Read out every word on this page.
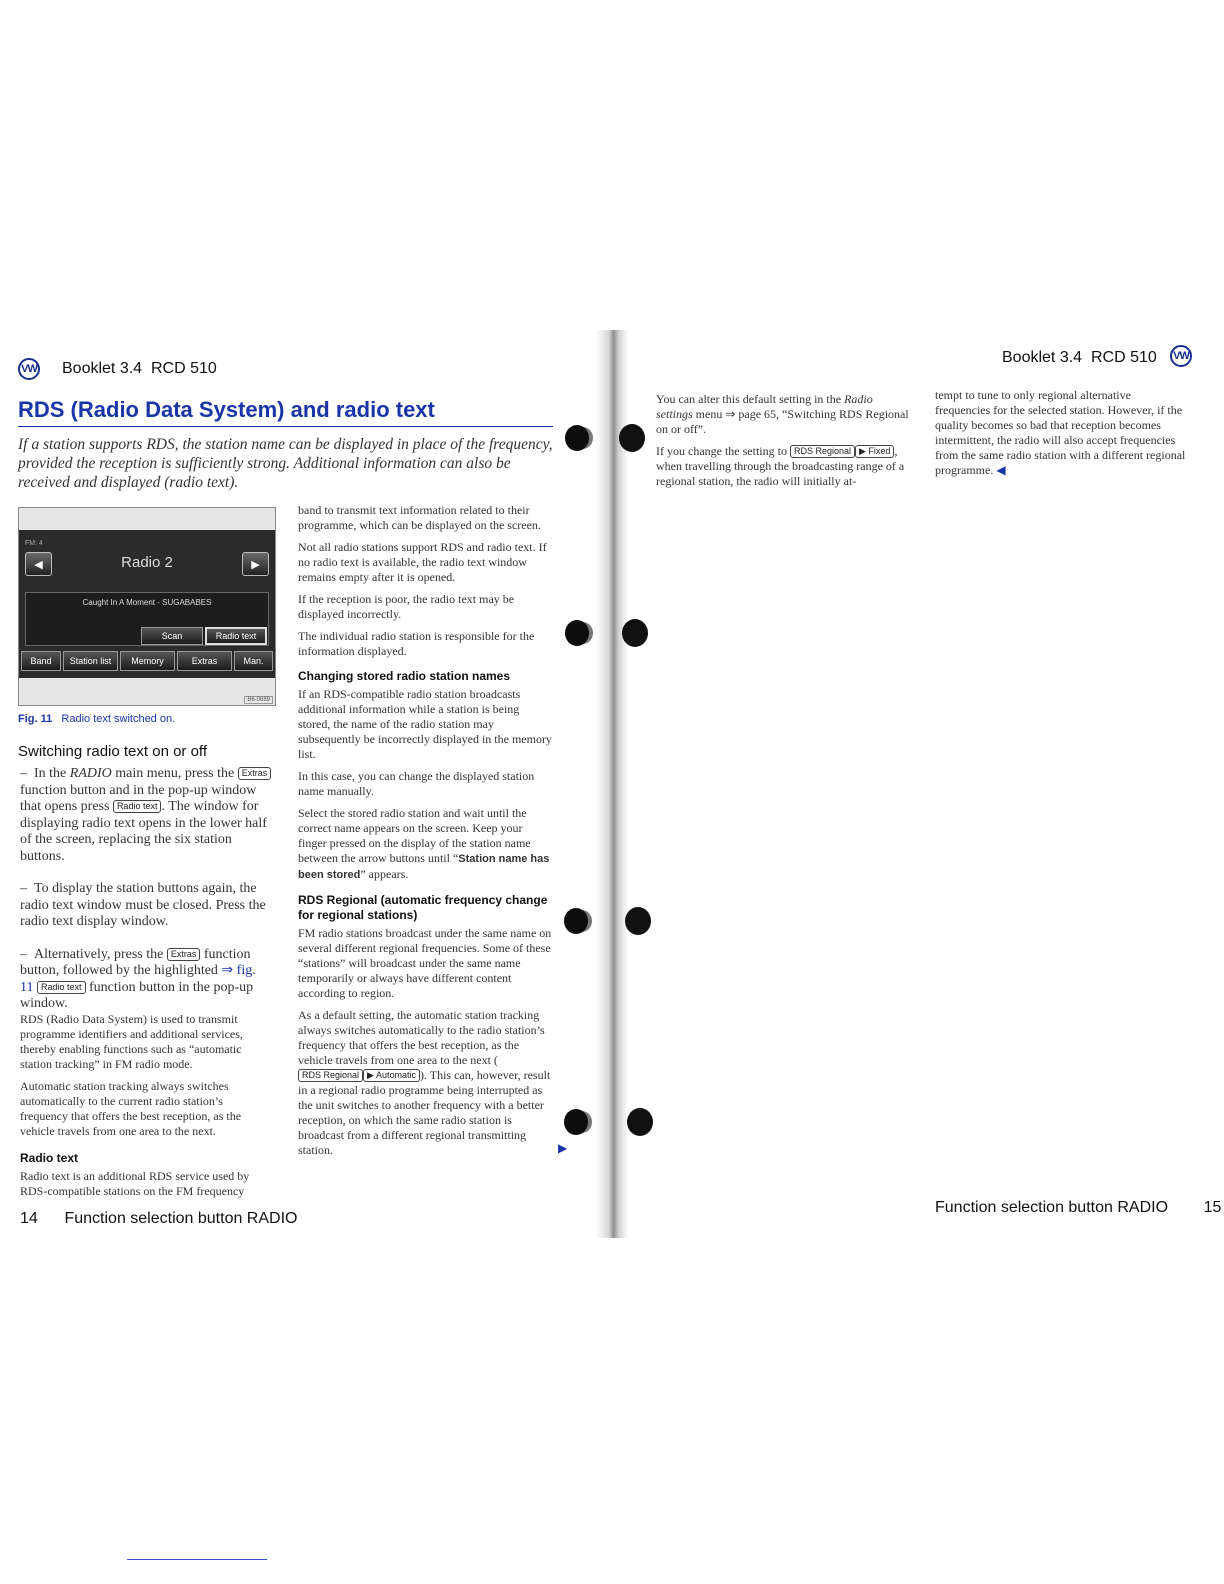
VW Booklet 3.4 RCD 510
RDS (Radio Data System) and radio text
If a station supports RDS, the station name can be displayed in place of the frequency, provided the reception is sufficiently strong. Additional information can also be received and displayed (radio text).
FM: 4
◀	Radio 2	▶
Caught In A Moment - SUGABABES
Scan	Radio text
Band	Station list	Memory	Extras	Man.
B6-0689
Fig. 11 Radio text switched on.
Switching radio text on or off

– In the RADIO main menu, press the Extras function button and in the pop-up window that opens press Radio text . The window for displaying radio text opens in the lower half of the screen, replacing the six station buttons.

– To display the station buttons again, the radio text window must be closed. Press the radio text display window.

– Alternatively, press the Extras function button, followed by the highlighted ⇒ fig. 11 Radio text function button in the pop-up window.

RDS (Radio Data System) is used to transmit programme identifiers and additional services, thereby enabling functions such as “automatic station tracking” in FM radio mode.

Automatic station tracking always switches automatically to the current radio station’s frequency that offers the best reception, as the vehicle travels from one area to the next.

Radio text

Radio text is an additional RDS service used by RDS-compatible stations on the FM frequency

band to transmit text information related to their programme, which can be displayed on the screen.

Not all radio stations support RDS and radio text. If no radio text is available, the radio text window remains empty after it is opened.

If the reception is poor, the radio text may be displayed incorrectly.

The individual radio station is responsible for the information displayed.

Changing stored radio station names

If an RDS-compatible radio station broadcasts additional information while a station is being stored, the name of the radio station may subsequently be incorrectly displayed in the memory list.

In this case, you can change the displayed station name manually.

Select the stored radio station and wait until the correct name appears on the screen. Keep your finger pressed on the display of the station name between the arrow buttons until “Station name has been stored” appears.

RDS Regional (automatic frequency change for regional stations)

FM radio stations broadcast under the same name on several different regional frequencies. Some of these “stations” will broadcast under the same name temporarily or always have different content according to region.

As a default setting, the automatic station tracking always switches automatically to the radio station’s frequency that offers the best reception, as the vehicle travels from one area to the next (RDS Regional ▶ Automatic ). This can, however, result in a regional radio programme being interrupted as the unit switches to another frequency with a better reception, on which the same radio station is broadcast from a different regional transmitting station.	▶
14 Function selection button RADIO
Booklet 3.4 RCD 510 VW

You can alter this default setting in the Radio settings menu ⇒ page 65, “Switching RDS Regional on or off”.

If you change the setting to RDS Regional ▶ Fixed , when travelling through the broadcasting range of a regional station, the radio will initially at-

tempt to tune to only regional alternative frequencies for the selected station. However, if the quality becomes so bad that reception becomes intermittent, the radio will also accept frequencies from the same radio station with a different regional programme. ◀

Function selection button RADIO 15
